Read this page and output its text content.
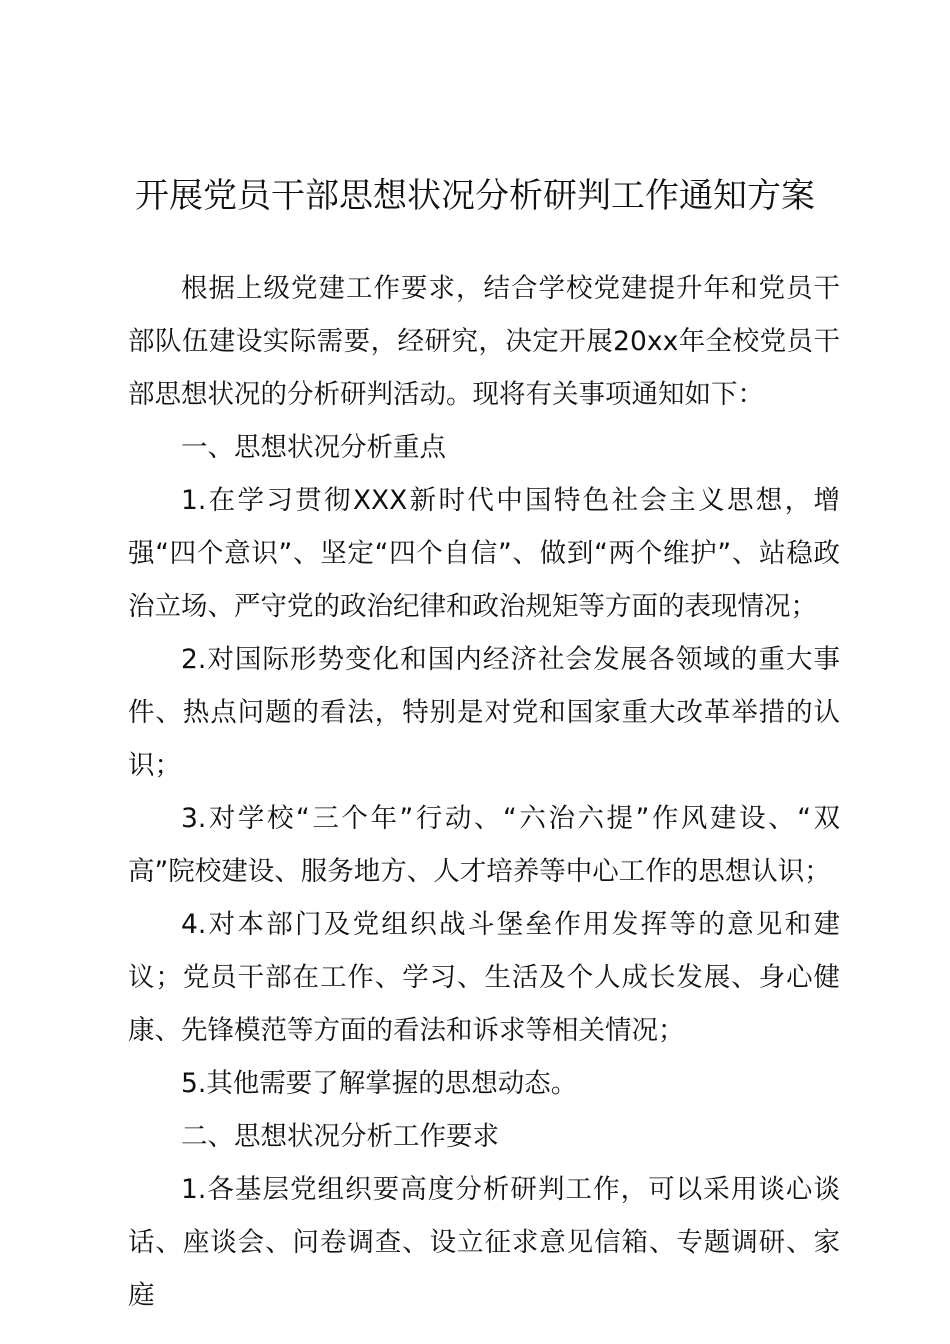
开展党员干部思想状况分析研判工作通知方案

根据上级党建工作要求，结合学校党建提升年和党员干部队伍建设实际需要，经研究，决定开展20xx年全校党员干部思想状况的分析研判活动。现将有关事项通知如下：

一、思想状况分析重点

1.在学习贯彻XXX新时代中国特色社会主义思想，增强“四个意识”、坚定“四个自信”、做到“两个维护”、站稳政治立场、严守党的政治纪律和政治规矩等方面的表现情况；

2.对国际形势变化和国内经济社会发展各领域的重大事件、热点问题的看法，特别是对党和国家重大改革举措的认识；

3.对学校“三个年”行动、“六治六提”作风建设、“双高”院校建设、服务地方、人才培养等中心工作的思想认识；

4.对本部门及党组织战斗堡垒作用发挥等的意见和建议；党员干部在工作、学习、生活及个人成长发展、身心健康、先锋模范等方面的看法和诉求等相关情况；

5.其他需要了解掌握的思想动态。

二、思想状况分析工作要求

1.各基层党组织要高度分析研判工作，可以采用谈心谈话、座谈会、问卷调查、设立征求意见信箱、专题调研、家庭
